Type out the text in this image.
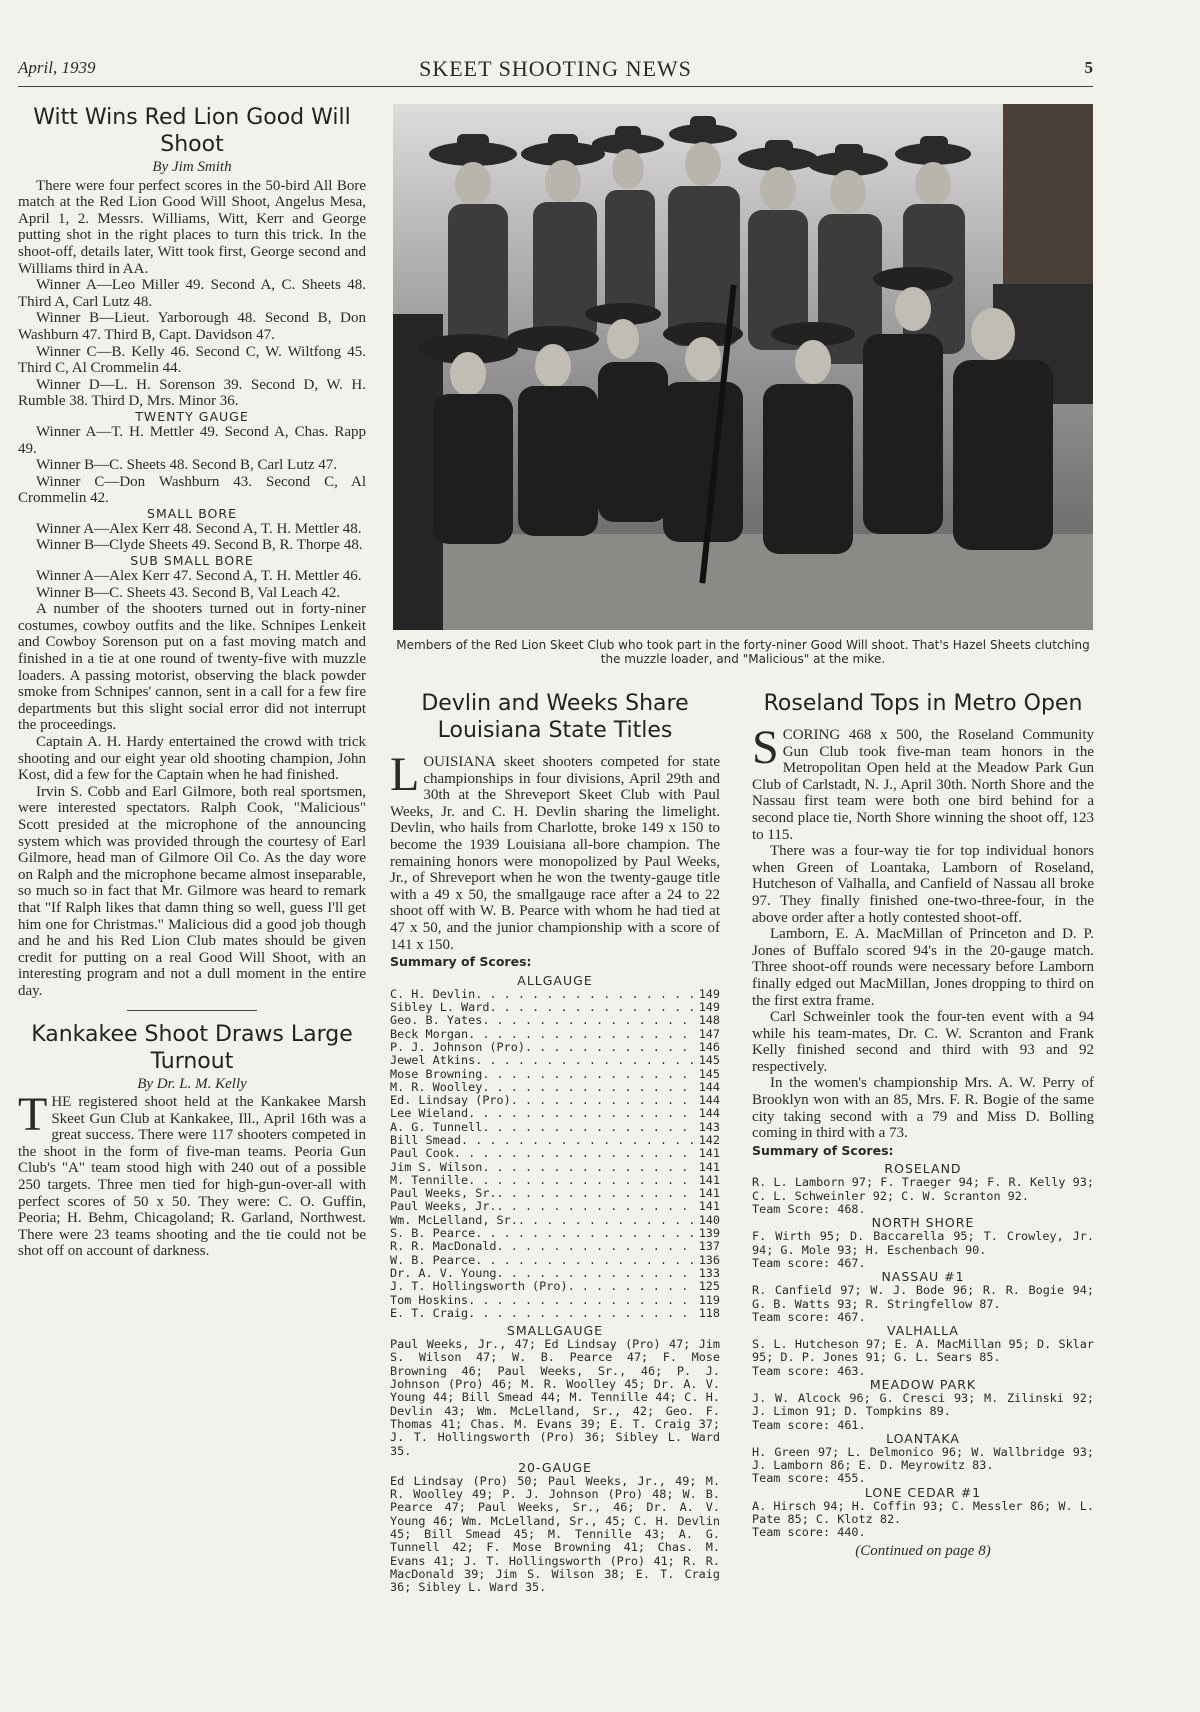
April, 1939	SKEET SHOOTING NEWS	5
Witt Wins Red Lion Good Will Shoot
By Jim Smith

There were four perfect scores in the 50-bird All Bore match at the Red Lion Good Will Shoot, Angelus Mesa, April 1, 2. Messrs. Williams, Witt, Kerr and George putting shot in the right places to turn this trick. In the shoot-off, details later, Witt took first, George second and Williams third in AA.

Winner A—Leo Miller 49. Second A, C. Sheets 48. Third A, Carl Lutz 48.

Winner B—Lieut. Yarborough 48. Second B, Don Washburn 47. Third B, Capt. Davidson 47.

Winner C—B. Kelly 46. Second C, W. Wiltfong 45. Third C, Al Crommelin 44.

Winner D—L. H. Sorenson 39. Second D, W. H. Rumble 38. Third D, Mrs. Minor 36.

TWENTY GAUGE

Winner A—T. H. Mettler 49. Second A, Chas. Rapp 49.

Winner B—C. Sheets 48. Second B, Carl Lutz 47.

Winner C—Don Washburn 43. Second C, Al Crommelin 42.

SMALL BORE

Winner A—Alex Kerr 48. Second A, T. H. Mettler 48.

Winner B—Clyde Sheets 49. Second B, R. Thorpe 48.

SUB SMALL BORE

Winner A—Alex Kerr 47. Second A, T. H. Mettler 46.

Winner B—C. Sheets 43. Second B, Val Leach 42.

A number of the shooters turned out in forty-niner costumes, cowboy outfits and the like. Schnipes Lenkeit and Cowboy Sorenson put on a fast moving match and finished in a tie at one round of twenty-five with muzzle loaders. A passing motorist, observing the black powder smoke from Schnipes' cannon, sent in a call for a few fire departments but this slight social error did not interrupt the proceedings.

Captain A. H. Hardy entertained the crowd with trick shooting and our eight year old shooting champion, John Kost, did a few for the Captain when he had finished.

Irvin S. Cobb and Earl Gilmore, both real sportsmen, were interested spectators. Ralph Cook, "Malicious" Scott presided at the microphone of the announcing system which was provided through the courtesy of Earl Gilmore, head man of Gilmore Oil Co. As the day wore on Ralph and the microphone became almost inseparable, so much so in fact that Mr. Gilmore was heard to remark that "If Ralph likes that damn thing so well, guess I'll get him one for Christmas." Malicious did a good job though and he and his Red Lion Club mates should be given credit for putting on a real Good Will Shoot, with an interesting program and not a dull moment in the entire day.

Kankakee Shoot Draws Large Turnout
By Dr. L. M. Kelly

THE registered shoot held at the Kankakee Marsh Skeet Gun Club at Kankakee, Ill., April 16th was a great success. There were 117 shooters competed in the shoot in the form of five-man teams. Peoria Gun Club's "A" team stood high with 240 out of a possible 250 targets. Three men tied for high-gun-over-all with perfect scores of 50 x 50. They were: C. O. Guffin, Peoria; H. Behm, Chicagoland; R. Garland, Northwest. There were 23 teams shooting and the tie could not be shot off on account of darkness.

Members of the Red Lion Skeet Club who took part in the forty-niner Good Will shoot. That's Hazel Sheets clutching the muzzle loader, and "Malicious" at the mike.
Devlin and Weeks Share Louisiana State Titles

LOUISIANA skeet shooters competed for state championships in four divisions, April 29th and 30th at the Shreveport Skeet Club with Paul Weeks, Jr. and C. H. Devlin sharing the limelight. Devlin, who hails from Charlotte, broke 149 x 150 to become the 1939 Louisiana all-bore champion. The remaining honors were monopolized by Paul Weeks, Jr., of Shreveport when he won the twenty-gauge title with a 49 x 50, the smallgauge race after a 24 to 22 shoot off with W. B. Pearce with whom he had tied at 47 x 50, and the junior championship with a score of 141 x 150.

Summary of Scores:
ALLGAUGE
C. H. Devlin . . .	149
Sibley L. Ward . . .	149
Geo. B. Yates . . .	148
Beck Morgan . . .	147
P. J. Johnson (Pro) . . .	146
Jewel Atkins . . .	145
Mose Browning . . .	145
M. R. Woolley . . .	144
Ed. Lindsay (Pro) . . .	144
Lee Wieland . . .	144
A. G. Tunnell . . .	143
Bill Smead . . .	142
Paul Cook . . .	141
Jim S. Wilson . . .	141
M. Tennille . . .	141
Paul Weeks, Sr. . . .	141
Paul Weeks, Jr. . . .	141
Wm. McLelland, Sr. . . .	140
S. B. Pearce . . .	139
R. R. MacDonald . . .	137
W. B. Pearce . . .	136
Dr. A. V. Young . . .	133
J. T. Hollingsworth (Pro) . . .	125
Tom Hoskins . . .	119
E. T. Craig . . .	118
SMALLGAUGE

Paul Weeks, Jr., 47; Ed Lindsay (Pro) 47; Jim S. Wilson 47; W. B. Pearce 47; F. Mose Browning 46; Paul Weeks, Sr., 46; P. J. Johnson (Pro) 46; M. R. Woolley 45; Dr. A. V. Young 44; Bill Smead 44; M. Tennille 44; C. H. Devlin 43; Wm. McLelland, Sr., 42; Geo. F. Thomas 41; Chas. M. Evans 39; E. T. Craig 37; J. T. Hollingsworth (Pro) 36; Sibley L. Ward 35.

20-GAUGE

Ed Lindsay (Pro) 50; Paul Weeks, Jr., 49; M. R. Woolley 49; P. J. Johnson (Pro) 48; W. B. Pearce 47; Paul Weeks, Sr., 46; Dr. A. V. Young 46; Wm. McLelland, Sr., 45; C. H. Devlin 45; Bill Smead 45; M. Tennille 43; A. G. Tunnell 42; F. Mose Browning 41; Chas. M. Evans 41; J. T. Hollingsworth (Pro) 41; R. R. MacDonald 39; Jim S. Wilson 38; E. T. Craig 36; Sibley L. Ward 35.

Roseland Tops in Metro Open

SCORING 468 x 500, the Roseland Community Gun Club took five-man team honors in the Metropolitan Open held at the Meadow Park Gun Club of Carlstadt, N. J., April 30th. North Shore and the Nassau first team were both one bird behind for a second place tie, North Shore winning the shoot off, 123 to 115.

There was a four-way tie for top individual honors when Green of Loantaka, Lamborn of Roseland, Hutcheson of Valhalla, and Canfield of Nassau all broke 97. They finally finished one-two-three-four, in the above order after a hotly contested shoot-off.

Lamborn, E. A. MacMillan of Princeton and D. P. Jones of Buffalo scored 94's in the 20-gauge match. Three shoot-off rounds were necessary before Lamborn finally edged out MacMillan, Jones dropping to third on the first extra frame.

Carl Schweinler took the four-ten event with a 94 while his team-mates, Dr. C. W. Scranton and Frank Kelly finished second and third with 93 and 92 respectively.

In the women's championship Mrs. A. W. Perry of Brooklyn won with an 85, Mrs. F. R. Bogie of the same city taking second with a 79 and Miss D. Bolling coming in third with a 73.

Summary of Scores:
ROSELAND

R. L. Lamborn 97; F. Traeger 94; F. R. Kelly 93; C. L. Schweinler 92; C. W. Scranton 92.

Team Score: 468.

NORTH SHORE

F. Wirth 95; D. Baccarella 95; T. Crowley, Jr. 94; G. Mole 93; H. Eschenbach 90.

Team score: 467.

NASSAU #1

R. Canfield 97; W. J. Bode 96; R. R. Bogie 94; G. B. Watts 93; R. Stringfellow 87.

Team score: 467.

VALHALLA

S. L. Hutcheson 97; E. A. MacMillan 95; D. Sklar 95; D. P. Jones 91; G. L. Sears 85.

Team score: 463.

MEADOW PARK

J. W. Alcock 96; G. Cresci 93; M. Zilinski 92; J. Limon 91; D. Tompkins 89.

Team score: 461.

LOANTAKA

H. Green 97; L. Delmonico 96; W. Wallbridge 93; J. Lamborn 86; E. D. Meyrowitz 83.

Team score: 455.

LONE CEDAR #1

A. Hirsch 94; H. Coffin 93; C. Messler 86; W. L. Pate 85; C. Klotz 82.

Team score: 440.

(Continued on page 8)
